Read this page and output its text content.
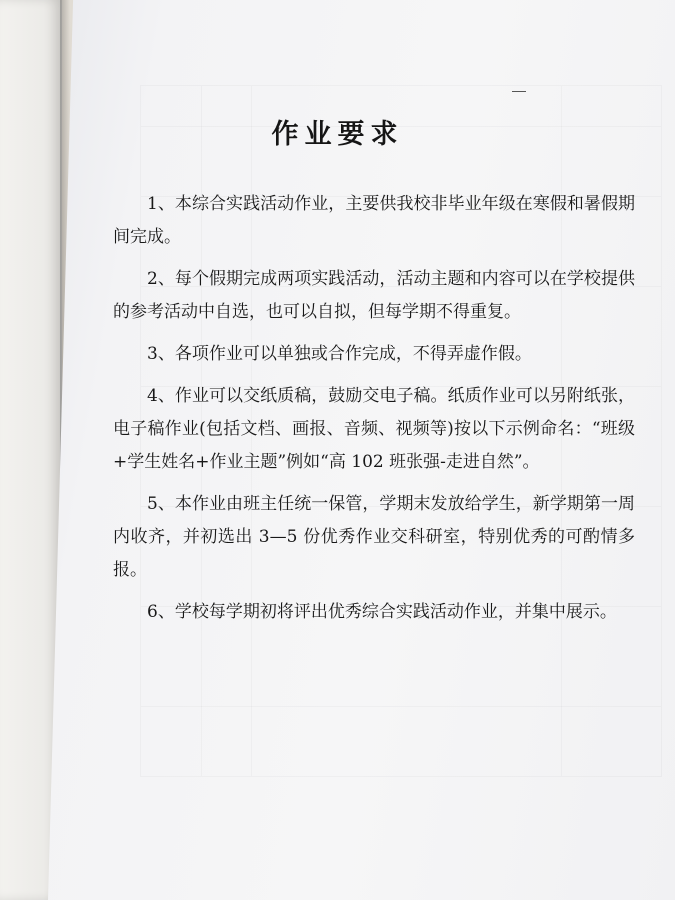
作业要求

1、本综合实践活动作业，主要供我校非毕业年级在寒假和暑假期间完成。

2、每个假期完成两项实践活动，活动主题和内容可以在学校提供的参考活动中自选，也可以自拟，但每学期不得重复。

3、各项作业可以单独或合作完成，不得弄虚作假。

4、作业可以交纸质稿，鼓励交电子稿。纸质作业可以另附纸张，电子稿作业(包括文档、画报、音频、视频等)按以下示例命名：“班级+学生姓名+作业主题”例如“高 102 班张强-走进自然”。

5、本作业由班主任统一保管，学期末发放给学生，新学期第一周内收齐，并初选出 3—5 份优秀作业交科研室，特别优秀的可酌情多报。

6、学校每学期初将评出优秀综合实践活动作业，并集中展示。
